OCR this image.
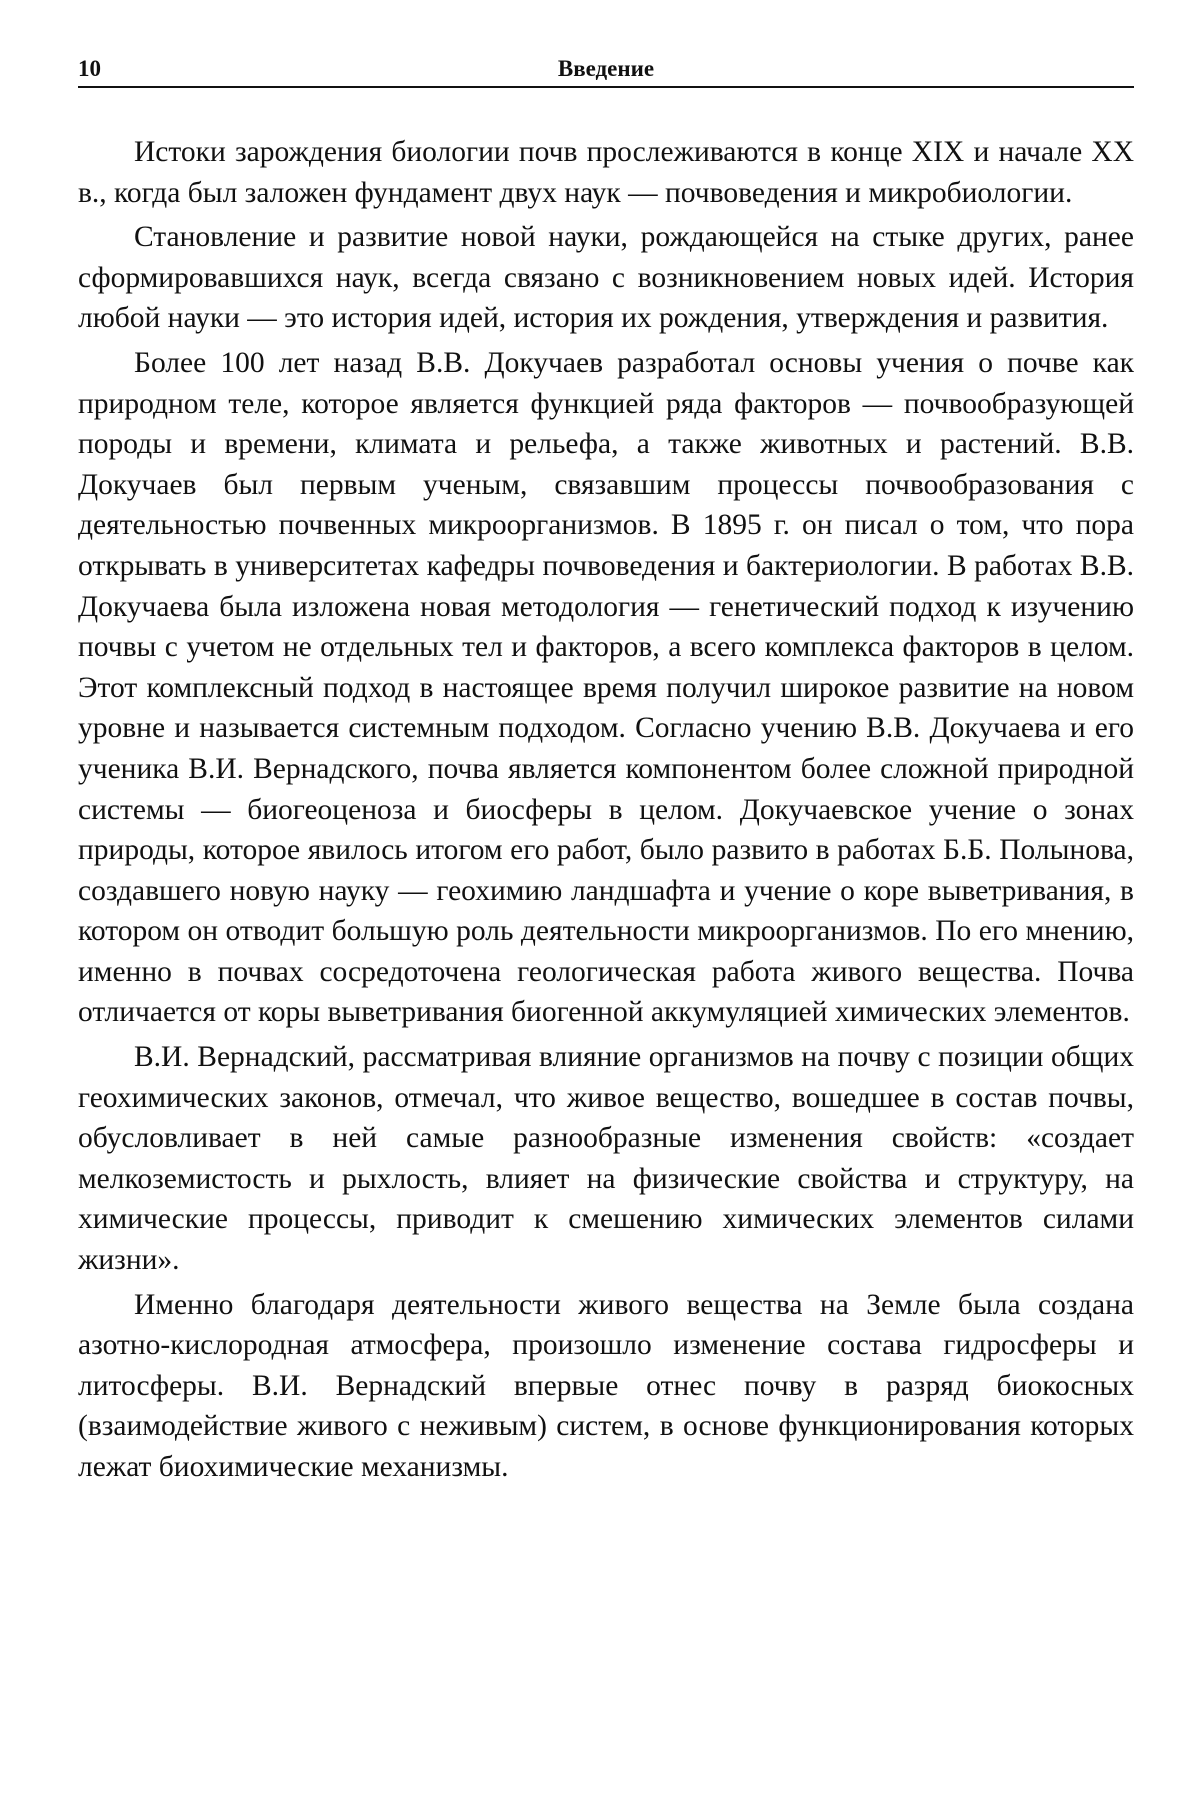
10	Введение

Истоки зарождения биологии почв прослеживаются в конце XIX и начале XX в., когда был заложен фундамент двух наук — почвоведения и микробиологии.

Становление и развитие новой науки, рождающейся на стыке других, ранее сформировавшихся наук, всегда связано с возникновением новых идей. История любой науки — это история идей, история их рождения, утверждения и развития.

Более 100 лет назад В.В. Докучаев разработал основы учения о почве как природном теле, которое является функцией ряда факторов — почвообразующей породы и времени, климата и рельефа, а также животных и растений. В.В. Докучаев был первым ученым, связавшим процессы почвообразования с деятельностью почвенных микроорганизмов. В 1895 г. он писал о том, что пора открывать в университетах кафедры почвоведения и бактериологии. В работах В.В. Докучаева была изложена новая методология — генетический подход к изучению почвы с учетом не отдельных тел и факторов, а всего комплекса факторов в целом. Этот комплексный подход в настоящее время получил широкое развитие на новом уровне и называется системным подходом. Согласно учению В.В. Докучаева и его ученика В.И. Вернадского, почва является компонентом более сложной природной системы — биогеоценоза и биосферы в целом. Докучаевское учение о зонах природы, которое явилось итогом его работ, было развито в работах Б.Б. Полынова, создавшего новую науку — геохимию ландшафта и учение о коре выветривания, в котором он отводит большую роль деятельности микроорганизмов. По его мнению, именно в почвах сосредоточена геологическая работа живого вещества. Почва отличается от коры выветривания биогенной аккумуляцией химических элементов.

В.И. Вернадский, рассматривая влияние организмов на почву с позиции общих геохимических законов, отмечал, что живое вещество, вошедшее в состав почвы, обусловливает в ней самые разнообразные изменения свойств: «создает мелкоземистость и рыхлость, влияет на физические свойства и структуру, на химические процессы, приводит к смешению химических элементов силами жизни».

Именно благодаря деятельности живого вещества на Земле была создана азотно-кислородная атмосфера, произошло изменение состава гидросферы и литосферы. В.И. Вернадский впервые отнес почву в разряд биокосных (взаимодействие живого с неживым) систем, в основе функционирования которых лежат биохимические механизмы.
